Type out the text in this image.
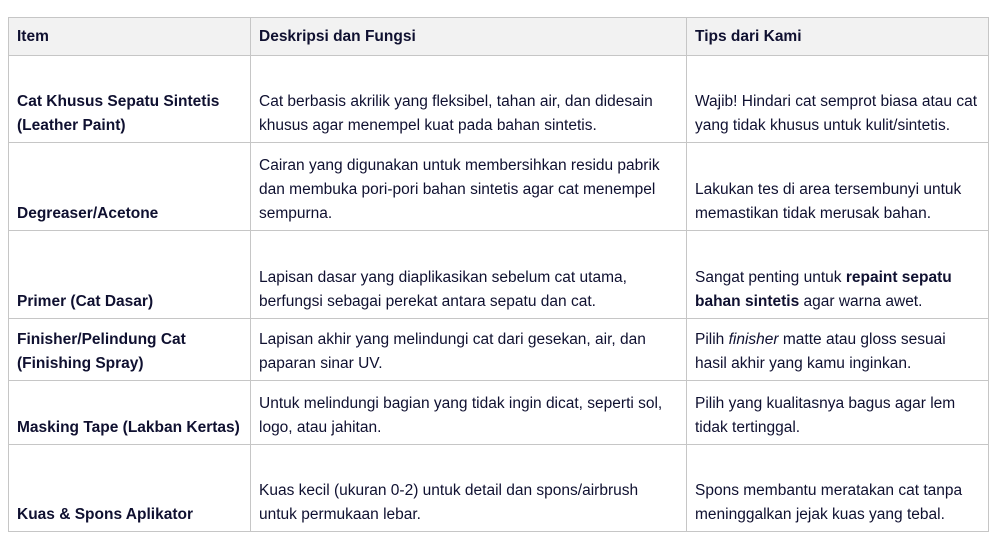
Item	Deskripsi dan Fungsi	Tips dari Kami
Cat Khusus Sepatu Sintetis (Leather Paint)	Cat berbasis akrilik yang fleksibel, tahan air, dan didesain khusus agar menempel kuat pada bahan sintetis.	Wajib! Hindari cat semprot biasa atau cat yang tidak khusus untuk kulit/sintetis.
Degreaser/Acetone	Cairan yang digunakan untuk membersihkan residu pabrik dan membuka pori-pori bahan sintetis agar cat menempel sempurna.	Lakukan tes di area tersembunyi untuk memastikan tidak merusak bahan.
Primer (Cat Dasar)	Lapisan dasar yang diaplikasikan sebelum cat utama, berfungsi sebagai perekat antara sepatu dan cat.	Sangat penting untuk repaint sepatu bahan sintetis agar warna awet.
Finisher/Pelindung Cat (Finishing Spray)	Lapisan akhir yang melindungi cat dari gesekan, air, dan paparan sinar UV.	Pilih finisher matte atau gloss sesuai hasil akhir yang kamu inginkan.
Masking Tape (Lakban Kertas)	Untuk melindungi bagian yang tidak ingin dicat, seperti sol, logo, atau jahitan.	Pilih yang kualitasnya bagus agar lem tidak tertinggal.
Kuas & Spons Aplikator	Kuas kecil (ukuran 0-2) untuk detail dan spons/airbrush untuk permukaan lebar.	Spons membantu meratakan cat tanpa meninggalkan jejak kuas yang tebal.
